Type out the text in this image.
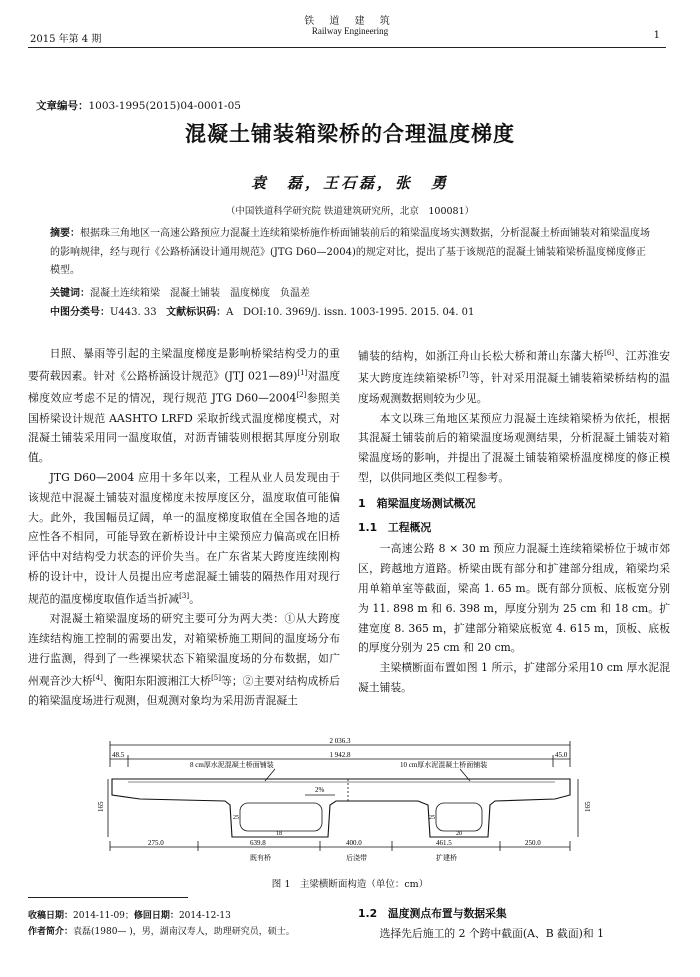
铁 道 建 筑
Railway Engineering
2015 年第 4 期	1
文章编号：1003-1995(2015)04-0001-05
混凝土铺装箱梁桥的合理温度梯度
袁　磊，王石磊，张　勇
（中国铁道科学研究院 铁道建筑研究所，北京　100081）
摘要：根据珠三角地区一高速公路预应力混凝土连续箱梁桥施作桥面铺装前后的箱梁温度场实测数据，分析混凝土桥面铺装对箱梁温度场的影响规律，经与现行《公路桥涵设计通用规范》(JTG D60—2004)的规定对比，提出了基于该规范的混凝土铺装箱梁桥温度梯度修正模型。
关键词：混凝土连续箱梁　混凝土铺装　温度梯度　负温差
中图分类号：U443. 33 文献标识码：A DOI:10. 3969/j. issn. 1003-1995. 2015. 04. 01

日照、暴雨等引起的主梁温度梯度是影响桥梁结构受力的重要荷载因素。针对《公路桥涵设计规范》(JTJ 021—89)[1]对温度梯度效应考虑不足的情况，现行规范 JTG D60—2004[2]参照美国桥梁设计规范 AASHTO LRFD 采取折线式温度梯度模式，对混凝土铺装采用同一温度取值，对沥青铺装则根据其厚度分别取值。

JTG D60—2004 应用十多年以来，工程从业人员发现由于该规范中混凝土铺装对温度梯度未按厚度区分，温度取值可能偏大。此外，我国幅员辽阔，单一的温度梯度取值在全国各地的适应性各不相同，可能导致在新桥设计中主梁预应力偏高或在旧桥评估中对结构受力状态的评价失当。在广东省某大跨度连续刚构桥的设计中，设计人员提出应考虑混凝土铺装的隔热作用对现行规范的温度梯度取值作适当折减[3]。

对混凝土箱梁温度场的研究主要可分为两大类：①从大跨度连续结构施工控制的需要出发，对箱梁桥施工期间的温度场分布进行监测，得到了一些裸梁状态下箱梁温度场的分布数据，如广州观音沙大桥[4]、衡阳东阳渡湘江大桥[5]等；②主要对结构成桥后的箱梁温度场进行观测，但观测对象均为采用沥青混凝土

铺装的结构，如浙江舟山长松大桥和萧山东藩大桥[6]、江苏淮安某大跨度连续箱梁桥[7]等，针对采用混凝土铺装箱梁桥结构的温度场观测数据则较为少见。

本文以珠三角地区某预应力混凝土连续箱梁桥为依托，根据其混凝土铺装前后的箱梁温度场观测结果，分析混凝土铺装对箱梁温度场的影响，并提出了混凝土铺装箱梁桥温度梯度的修正模型，以供同地区类似工程参考。

1　箱梁温度场测试概况
1.1　工程概况

一高速公路 8 × 30 m 预应力混凝土连续箱梁桥位于城市郊区，跨越地方道路。桥梁由既有部分和扩建部分组成，箱梁均采用单箱单室等截面，梁高 1. 65 m。既有部分顶板、底板宽分别为 11. 898 m 和 6. 398 m，厚度分别为 25 cm 和 18 cm。扩建宽度 8. 365 m，扩建部分箱梁底板宽 4. 615 m，顶板、底板的厚度分别为 25 cm 和 20 cm。

主梁横断面布置如图 1 所示，扩建部分采用10 cm 厚水泥混凝土铺装。

2 036.3
48.5	1 942.8	45.0
8 cm厚水泥混凝土桥面铺装	10 cm厚水泥混凝土桥面铺装
2%
165	165
25
18
25
20
275.0	639.8	400.0	461.5	250.0
既有桥	后浇带	扩建桥
图 1　主梁横断面构造（单位：cm）
收稿日期：2014-11-09；修回日期：2014-12-13
作者简介：袁磊(1980— )，男，湖南汉寿人，助理研究员，硕士。
1.2　温度测点布置与数据采集
选择先后施工的 2 个跨中截面(A、B 截面)和 1
